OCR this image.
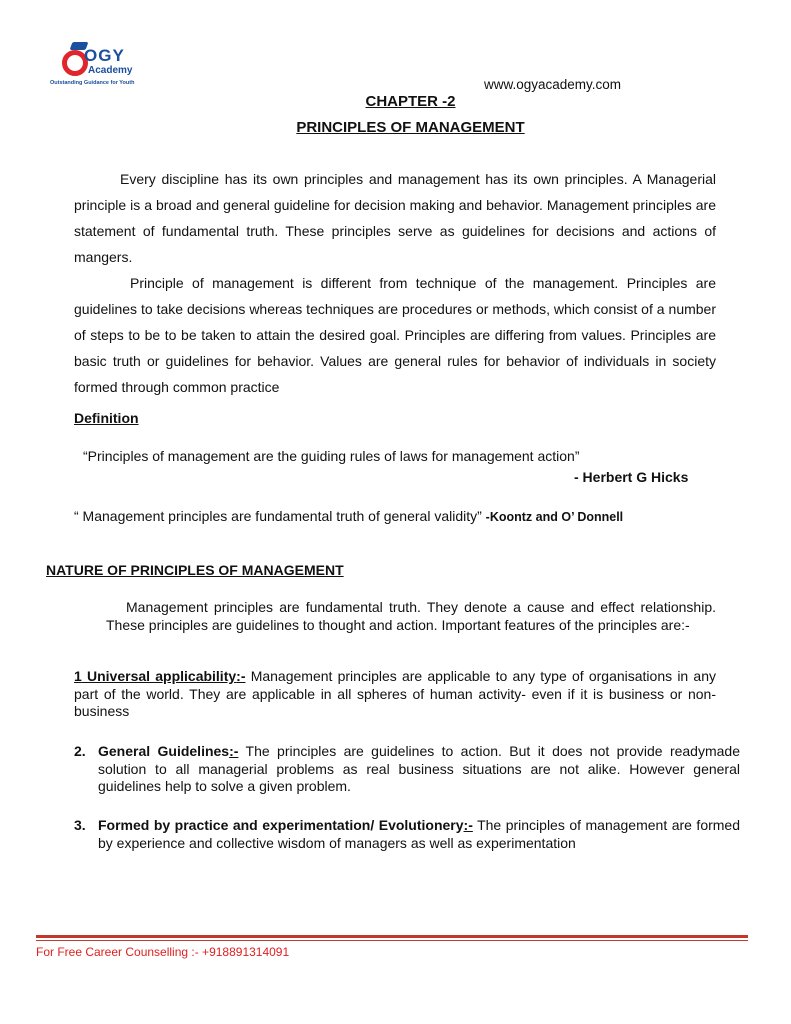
OGY
Academy
Outstanding Guidance for Youth	www.ogyacademy.com
CHAPTER -2
PRINCIPLES OF MANAGEMENT

Every discipline has its own principles and management has its own principles. A Managerial principle is a broad and general guideline for decision making and behavior. Management principles are statement of fundamental truth. These principles serve as guidelines for decisions and actions of mangers.

Principle of management is different from technique of the management. Principles are guidelines to take decisions whereas techniques are procedures or methods, which consist of a number of steps to be to be taken to attain the desired goal. Principles are differing from values. Principles are basic truth or guidelines for behavior. Values are general rules for behavior of individuals in society formed through common practice

Definition
“Principles of management are the guiding rules of laws for management action”
- Herbert G Hicks
“ Management principles are fundamental truth of general validity” -Koontz and O’ Donnell
NATURE OF PRINCIPLES OF MANAGEMENT
Management principles are fundamental truth. They denote a cause and effect relationship. These principles are guidelines to thought and action. Important features of the principles are:-
1 Universal applicability:- Management principles are applicable to any type of organisations in any part of the world. They are applicable in all spheres of human activity- even if it is business or non-business
2. General Guidelines:- The principles are guidelines to action. But it does not provide readymade solution to all managerial problems as real business situations are not alike. However general guidelines help to solve a given problem.
3. Formed by practice and experimentation/ Evolutionery:- The principles of management are formed by experience and collective wisdom of managers as well as experimentation
For Free Career Counselling :- +918891314091
